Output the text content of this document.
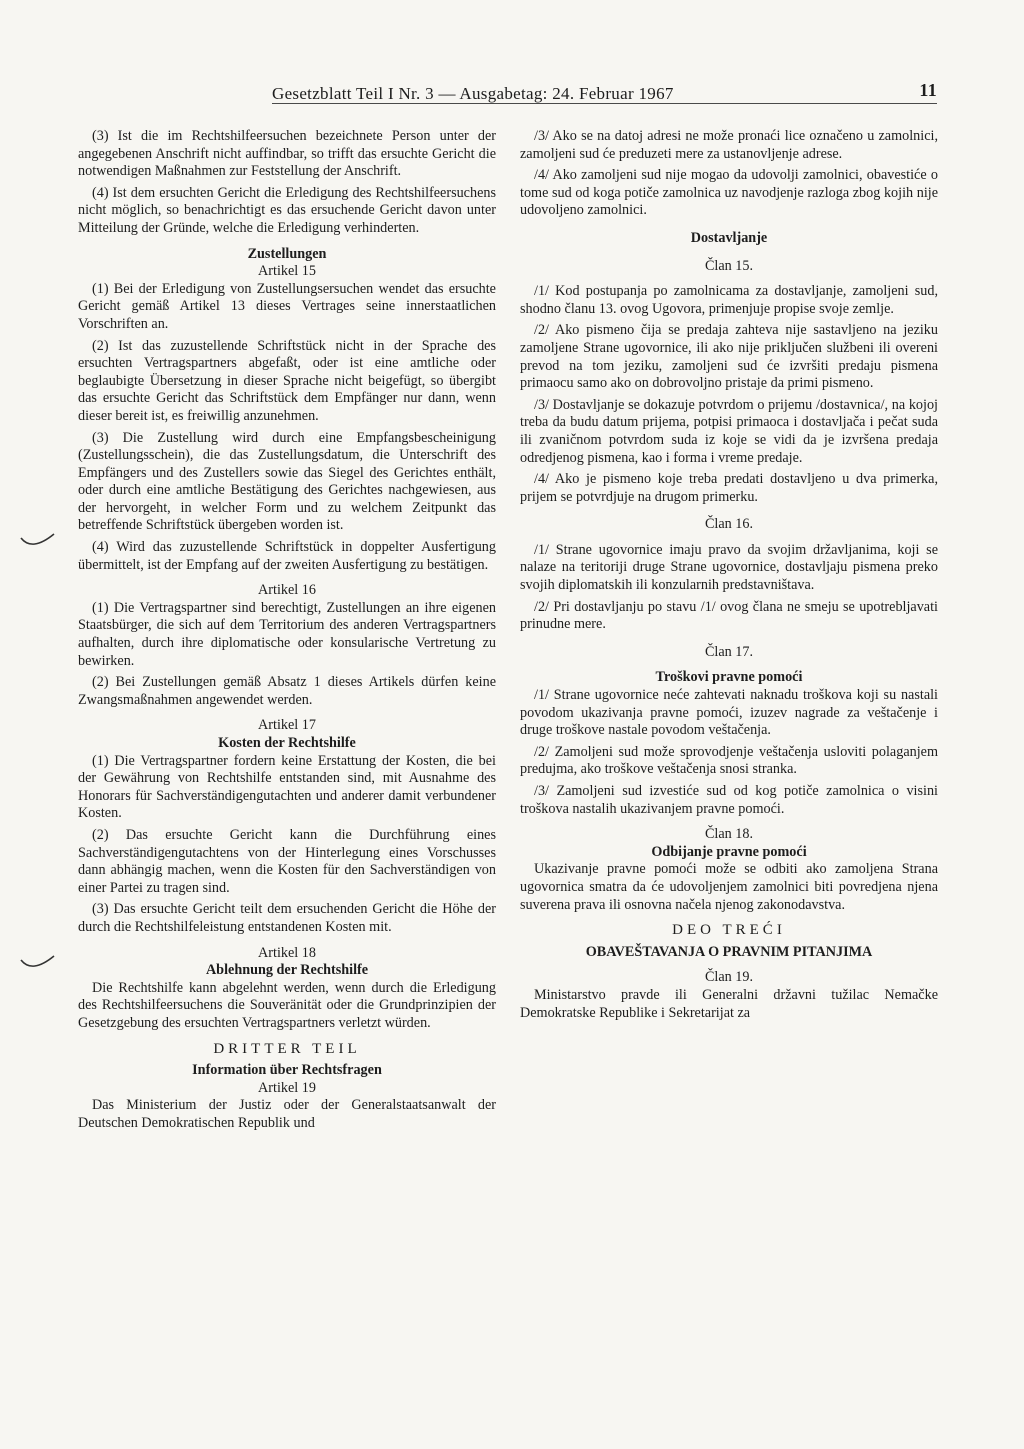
Gesetzblatt Teil I Nr. 3 — Ausgabetag: 24. Februar 1967	11

(3) Ist die im Rechtshilfeersuchen bezeichnete Person unter der angegebenen Anschrift nicht auffindbar, so trifft das ersuchte Gericht die notwendigen Maßnahmen zur Feststellung der Anschrift.

(4) Ist dem ersuchten Gericht die Erledigung des Rechtshilfeersuchens nicht möglich, so benachrichtigt es das ersuchende Gericht davon unter Mitteilung der Gründe, welche die Erledigung verhinderten.

Zustellungen
Artikel 15

(1) Bei der Erledigung von Zustellungsersuchen wendet das ersuchte Gericht gemäß Artikel 13 dieses Vertrages seine innerstaatlichen Vorschriften an.

(2) Ist das zuzustellende Schriftstück nicht in der Sprache des ersuchten Vertragspartners abgefaßt, oder ist eine amtliche oder beglaubigte Übersetzung in dieser Sprache nicht beigefügt, so übergibt das ersuchte Gericht das Schriftstück dem Empfänger nur dann, wenn dieser bereit ist, es freiwillig anzunehmen.

(3) Die Zustellung wird durch eine Empfangsbescheinigung (Zustellungsschein), die das Zustellungsdatum, die Unterschrift des Empfängers und des Zustellers sowie das Siegel des Gerichtes enthält, oder durch eine amtliche Bestätigung des Gerichtes nachgewiesen, aus der hervorgeht, in welcher Form und zu welchem Zeitpunkt das betreffende Schriftstück übergeben worden ist.

(4) Wird das zuzustellende Schriftstück in doppelter Ausfertigung übermittelt, ist der Empfang auf der zweiten Ausfertigung zu bestätigen.

Artikel 16

(1) Die Vertragspartner sind berechtigt, Zustellungen an ihre eigenen Staatsbürger, die sich auf dem Territorium des anderen Vertragspartners aufhalten, durch ihre diplomatische oder konsularische Vertretung zu bewirken.

(2) Bei Zustellungen gemäß Absatz 1 dieses Artikels dürfen keine Zwangsmaßnahmen angewendet werden.

Artikel 17
Kosten der Rechtshilfe

(1) Die Vertragspartner fordern keine Erstattung der Kosten, die bei der Gewährung von Rechtshilfe entstanden sind, mit Ausnahme des Honorars für Sachverständigengutachten und anderer damit verbundener Kosten.

(2) Das ersuchte Gericht kann die Durchführung eines Sachverständigengutachtens von der Hinterlegung eines Vorschusses dann abhängig machen, wenn die Kosten für den Sachverständigen von einer Partei zu tragen sind.

(3) Das ersuchte Gericht teilt dem ersuchenden Gericht die Höhe der durch die Rechtshilfeleistung entstandenen Kosten mit.

Artikel 18
Ablehnung der Rechtshilfe

Die Rechtshilfe kann abgelehnt werden, wenn durch die Erledigung des Rechtshilfeersuchens die Souveränität oder die Grundprinzipien der Gesetzgebung des ersuchten Vertragspartners verletzt würden.

DRITTER TEIL
Information über Rechtsfragen
Artikel 19

Das Ministerium der Justiz oder der Generalstaatsanwalt der Deutschen Demokratischen Republik und

/3/ Ako se na datoj adresi ne može pronaći lice označeno u zamolnici, zamoljeni sud će preduzeti mere za ustanovljenje adrese.

/4/ Ako zamoljeni sud nije mogao da udovolji zamolnici, obavestiće o tome sud od koga potiče zamolnica uz navodjenje razloga zbog kojih nije udovoljeno zamolnici.

Dostavljanje
Član 15.

/1/ Kod postupanja po zamolnicama za dostavljanje, zamoljeni sud, shodno članu 13. ovog Ugovora, primenjuje propise svoje zemlje.

/2/ Ako pismeno čija se predaja zahteva nije sastavljeno na jeziku zamoljene Strane ugovornice, ili ako nije priključen službeni ili overeni prevod na tom jeziku, zamoljeni sud će izvršiti predaju pismena primaocu samo ako on dobrovoljno pristaje da primi pismeno.

/3/ Dostavljanje se dokazuje potvrdom o prijemu /dostavnica/, na kojoj treba da budu datum prijema, potpisi primaoca i dostavljača i pečat suda ili zvaničnom potvrdom suda iz koje se vidi da je izvršena predaja odredjenog pismena, kao i forma i vreme predaje.

/4/ Ako je pismeno koje treba predati dostavljeno u dva primerka, prijem se potvrdjuje na drugom primerku.

Član 16.

/1/ Strane ugovornice imaju pravo da svojim državljanima, koji se nalaze na teritoriji druge Strane ugovornice, dostavljaju pismena preko svojih diplomatskih ili konzularnih predstavništava.

/2/ Pri dostavljanju po stavu /1/ ovog člana ne smeju se upotrebljavati prinudne mere.

Član 17.
Troškovi pravne pomoći

/1/ Strane ugovornice neće zahtevati naknadu troškova koji su nastali povodom ukazivanja pravne pomoći, izuzev nagrade za veštačenje i druge troškove nastale povodom veštačenja.

/2/ Zamoljeni sud može sprovodjenje veštačenja usloviti polaganjem predujma, ako troškove veštačenja snosi stranka.

/3/ Zamoljeni sud izvestiće sud od kog potiče zamolnica o visini troškova nastalih ukazivanjem pravne pomoći.

Član 18.
Odbijanje pravne pomoći

Ukazivanje pravne pomoći može se odbiti ako zamoljena Strana ugovornica smatra da će udovoljenjem zamolnici biti povredjena njena suverena prava ili osnovna načela njenog zakonodavstva.

DEO TREĆI
OBAVEŠTAVANJA O PRAVNIM PITANJIMA
Član 19.

Ministarstvo pravde ili Generalni državni tužilac Nemačke Demokratske Republike i Sekretarijat za
